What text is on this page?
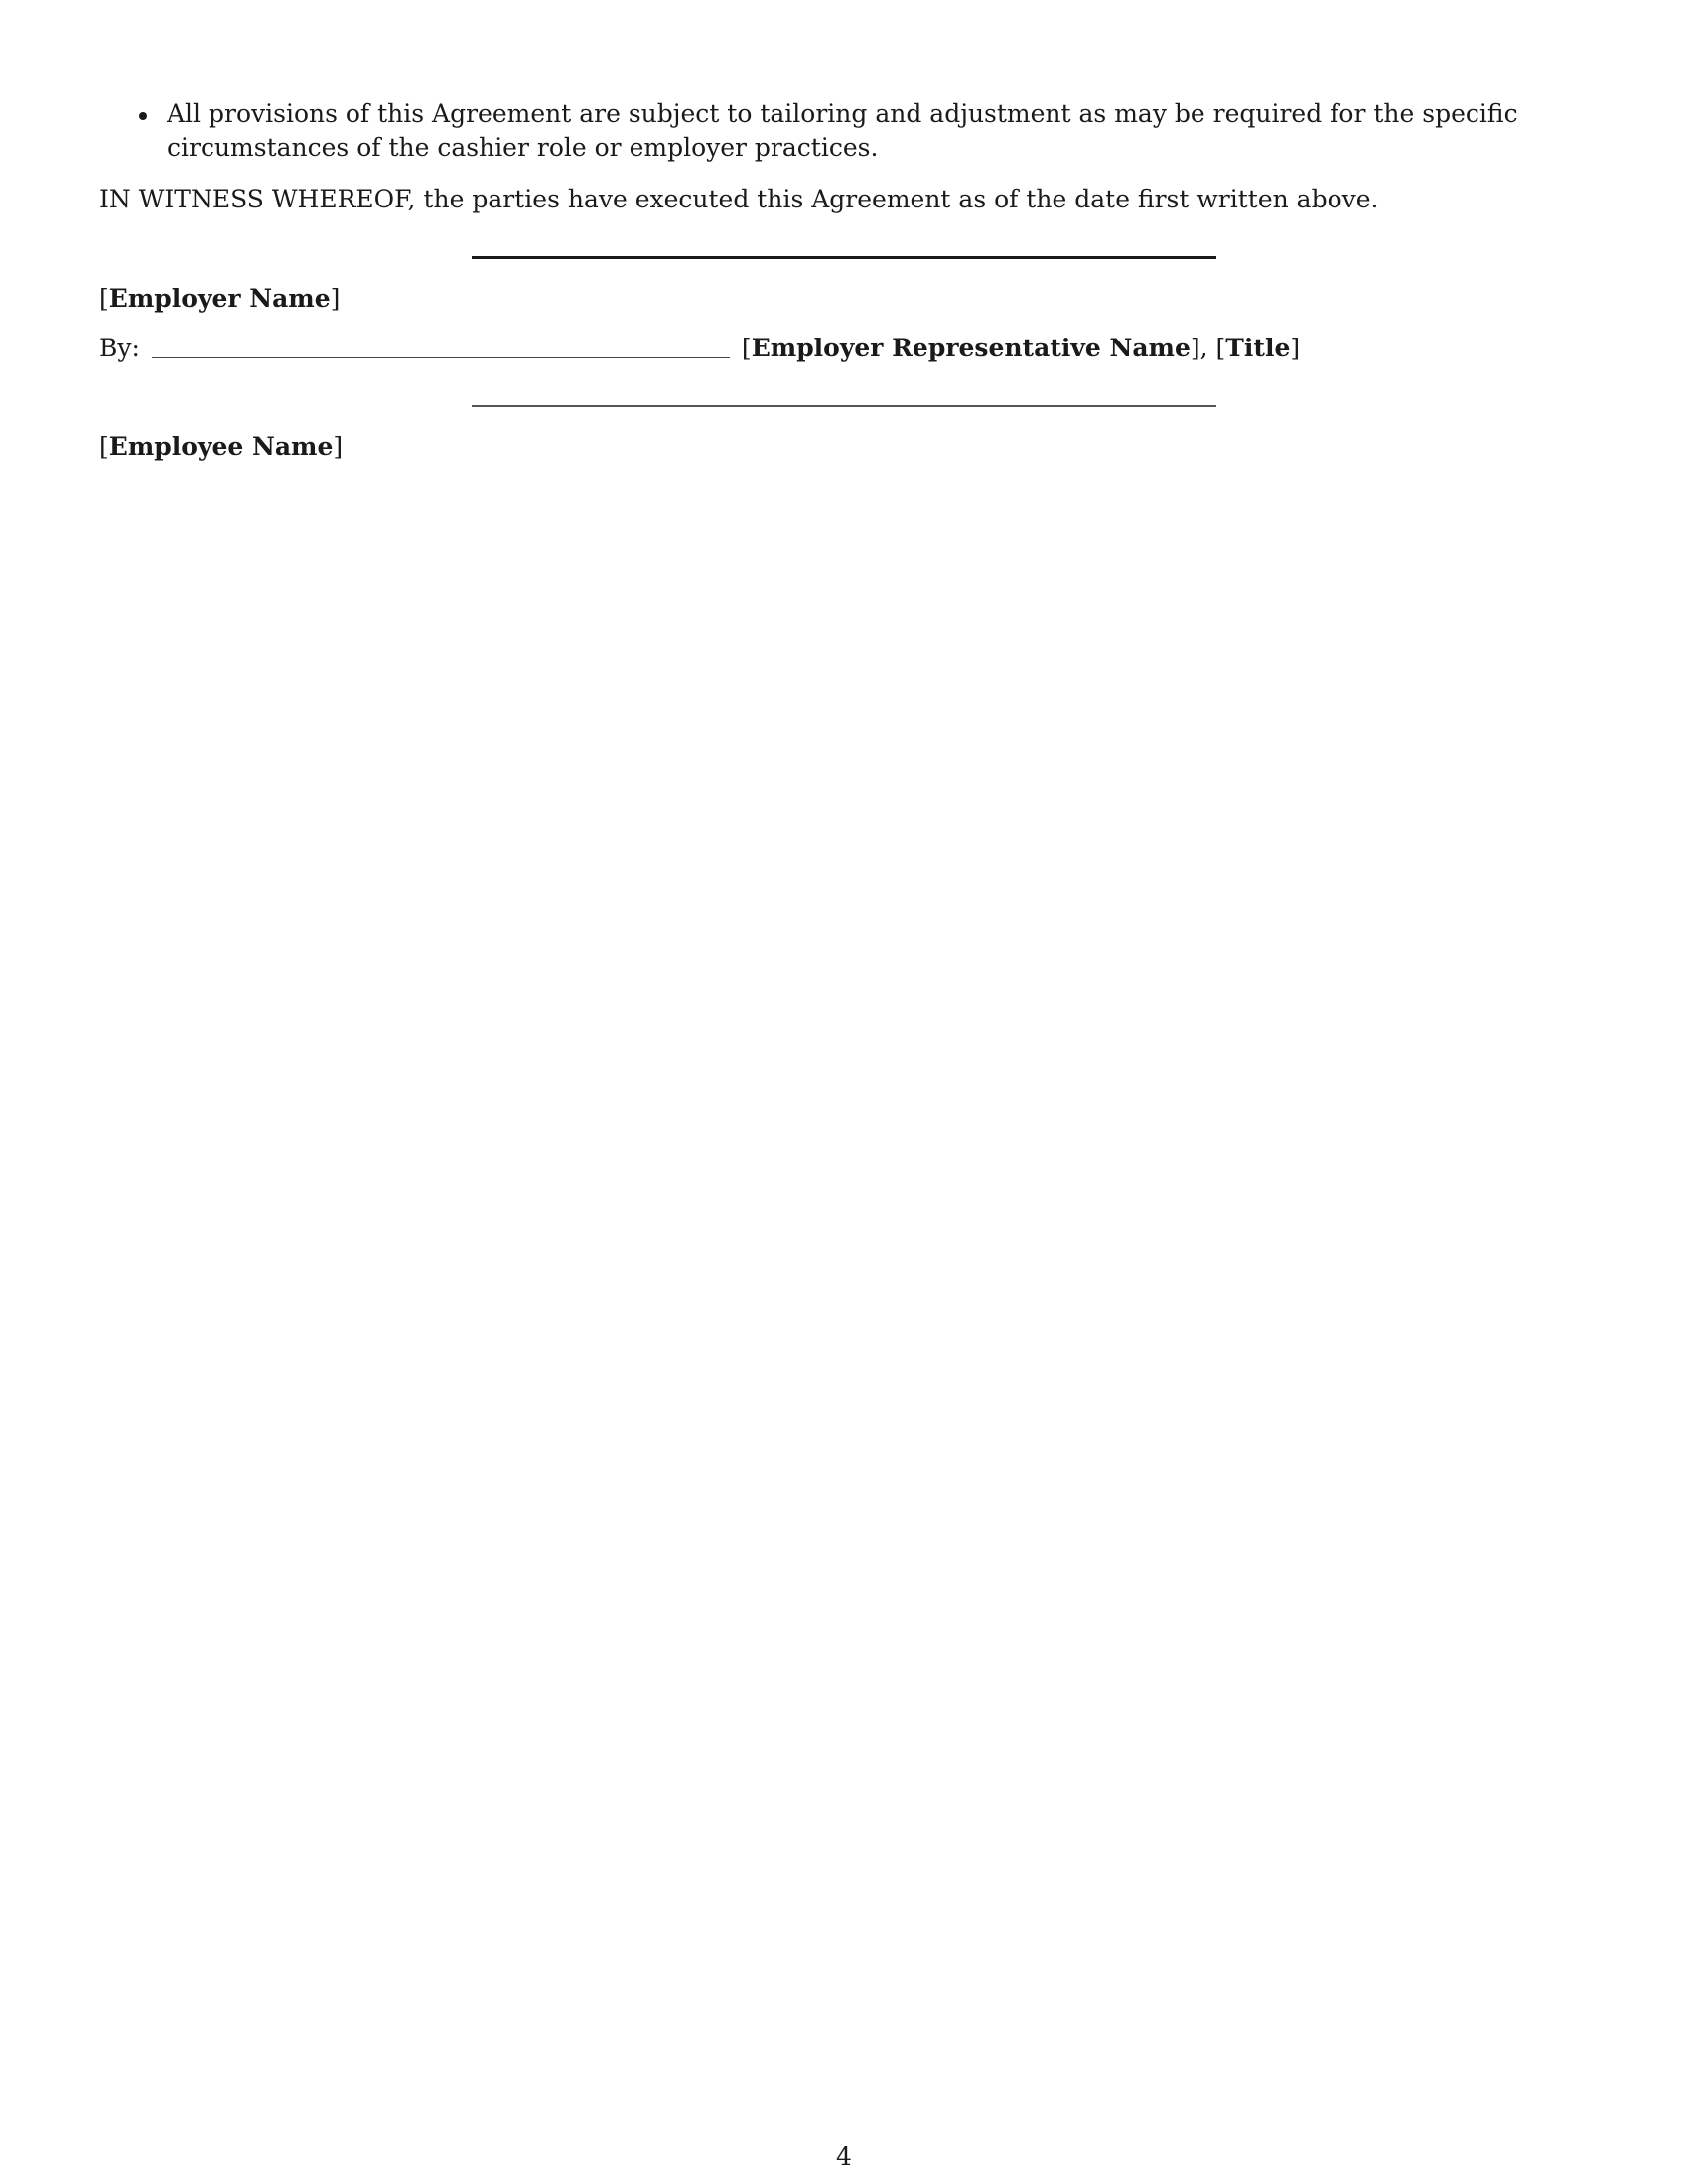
All provisions of this Agreement are subject to tailoring and adjustment as may be required for the specific circumstances of the cashier role or employer practices.
IN WITNESS WHEREOF, the parties have executed this Agreement as of the date first written above.
[Employer Name]
By:	[Employer Representative Name], [Title]
[Employee Name]
4
